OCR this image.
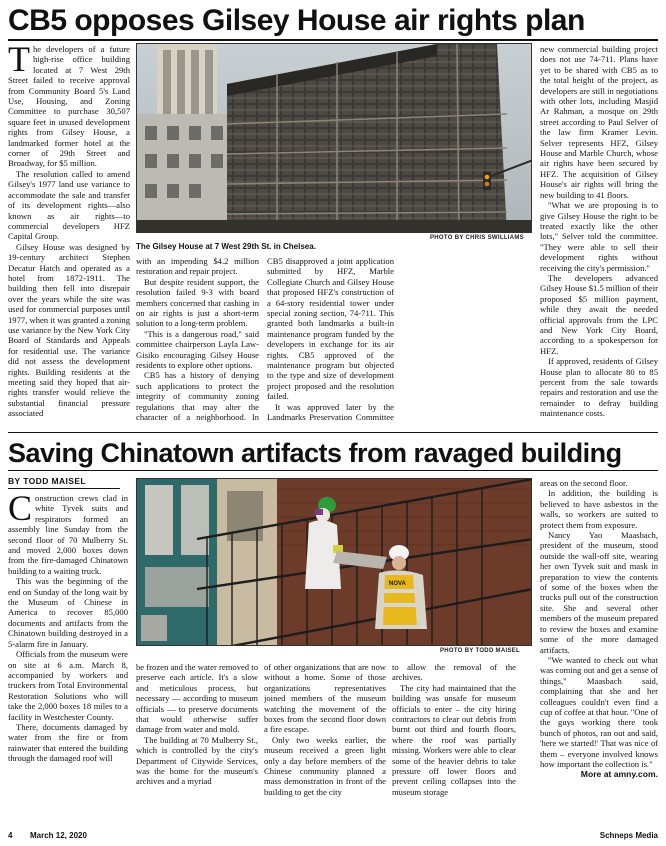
CB5 opposes Gilsey House air rights plan
PHOTO BY CHRIS SWILLIAMS
The Gilsey House at 7 West 29th St. in Chelsea.

The developers of a future high-rise office building located at 7 West 29th Street failed to receive approval from Community Board 5's Land Use, Housing, and Zoning Committee to purchase 30,507 square feet in unused development rights from Gilsey House, a landmarked former hotel at the corner of 29th Street and Broadway, for $5 million.

The resolution called to amend Gilsey's 1977 land use variance to accommodate the sale and transfer of its development rights—also known as air rights—to commercial developers HFZ Capital Group.

Gilsey House was designed by 19-century architect Stephen Decatur Hatch and operated as a hotel from 1872-1911. The building then fell into disrepair over the years while the site was used for commercial purposes until 1977, when it was granted a zoning use variance by the New York City Board of Standards and Appeals for residential use. The variance did not assess the development rights. Building residents at the meeting said they hoped that air-rights transfer would relieve the substantial financial pressure associated

with an impending $4.2 million restoration and repair project.

But despite resident support, the resolution failed 9-3 with board members concerned that cashing in on air rights is just a short-term solution to a long-term problem.

"This is a dangerous road," said committee chairperson Layla Law-Gisiko encouraging Gilsey House residents to explore other options.

CB5 has a history of denying such applications to protect the integrity of community zoning regulations that may alter the character of a neighborhood. In

CB5 disapproved a joint application submitted by HFZ, Marble Collegiate Church and Gilsey House that proposed HFZ's construction of a 64-story residential tower under special zoning section, 74-711. This granted both landmarks a built-in maintenance program funded by the developers in exchange for its air rights. CB5 approved of the maintenance program but objected to the type and size of development project proposed and the resolution failed.

It was approved later by the Landmarks Preservation Committee

new commercial building project does not use 74-711. Plans have yet to be shared with CB5 as to the total height of the project, as developers are still in negotiations with other lots, including Masjid Ar Rahman, a mosque on 29th street according to Paul Selver of the law firm Kramer Levin. Selver represents HFZ, Gilsey House and Marble Church, whose air rights have been secured by HFZ. The acquisition of Gilsey House's air rights will bring the new building to 41 floors.

"What we are proposing is to give Gilsey House the right to be treated exactly like the other lots," Selver told the committee. "They were able to sell their development rights without receiving the city's permission."

The developers advanced Gilsey House $1.5 million of their proposed $5 million payment, while they await the needed official approvals from the LPC and New York City Board, according to a spokesperson for HFZ.

If approved, residents of Gilsey House plan to allocate 80 to 85 percent from the sale towards repairs and restoration and use the remainder to defray building maintenance costs.

Saving Chinatown artifacts from ravaged building
BY TODD MAISEL
NOVA
PHOTO BY TODD MAISEL

Construction crews clad in white Tyvek suits and respirators formed an assembly line Sunday from the second floor of 70 Mulberry St. and moved 2,000 boxes down from the fire-damaged Chinatown building to a waiting truck.

This was the beginning of the end on Sunday of the long wait by the Museum of Chinese in America to recover 85,000 documents and artifacts from the Chinatown building destroyed in a 5-alarm fire in January.

Officials from the museum were on site at 6 a.m. March 8, accompanied by workers and truckers from Total Environmental Restoration Solutions who will take the 2,000 boxes 18 miles to a facility in Westchester County.

There, documents damaged by water from the fire or from rainwater that entered the building through the damaged roof will

be frozen and the water removed to preserve each article. It's a slow and meticulous process, but necessary — according to museum officials — to preserve documents that would otherwise suffer damage from water and mold.

The building at 70 Mulberry St., which is controlled by the city's Department of Citywide Services, was the home for the museum's archives and a myriad

of other organizations that are now without a home. Some of those organizations representatives joined members of the museum watching the movement of the boxes from the second floor down a fire escape.

Only two weeks earlier, the museum received a green light only a day before members of the Chinese community planned a mass demonstration in front of the building to get the city

to allow the removal of the archives.

The city had maintained that the building was unsafe for museum officials to enter – the city hiring contractors to clear out debris from burnt out third and fourth floors, where the roof was partially missing. Workers were able to clear some of the heavier debris to take pressure off lower floors and prevent ceiling collapses into the museum storage

areas on the second floor.

In addition, the building is believed to have asbestos in the walls, so workers are suited to protect them from exposure.

Nancy Yao Maasbach, president of the museum, stood outside the wall-off site, wearing her own Tyvek suit and mask in preparation to view the contents of some of the boxes when the trucks pull out of the construction site. She and several other members of the museum prepared to review the boxes and examine some of the more damaged artifacts.

"We wanted to check out what was coming out and get a sense of things," Maasbach said, complaining that she and her colleagues couldn't even find a cup of coffee at that hour. "One of the guys working there took bunch of photos, ran out and said, 'here we started!' That was nice of them – everyone involved knows how important the collection is."

More at amny.com.

4 March 12, 2020	Schneps Media
